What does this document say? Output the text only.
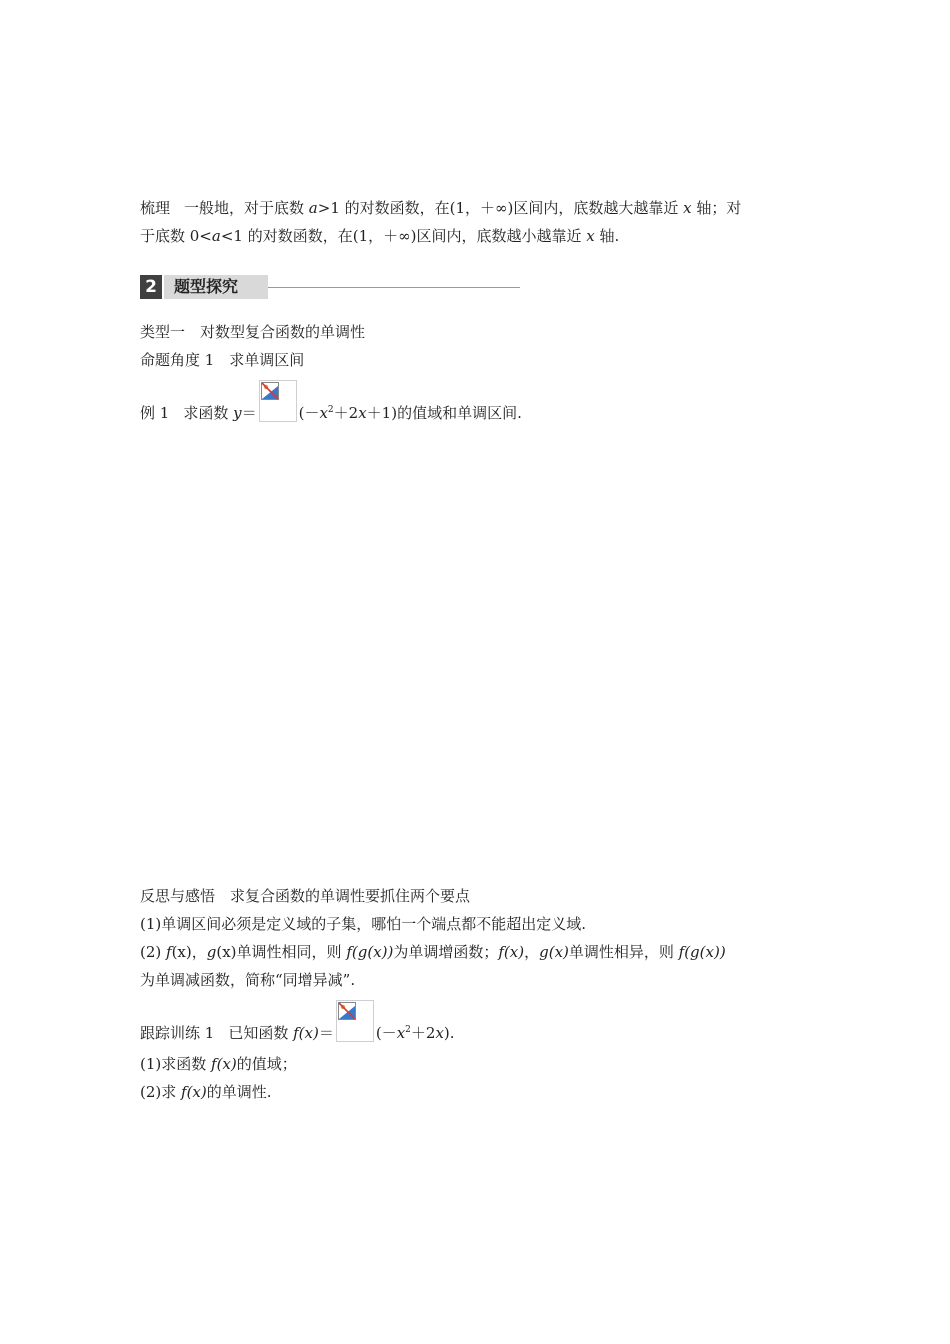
梳理 一般地，对于底数 a>1 的对数函数，在(1，＋∞)区间内，底数越大越靠近 x 轴；对
于底数 0<a<1 的对数函数，在(1，＋∞)区间内，底数越小越靠近 x 轴.
2	题型探究
类型一　对数型复合函数的单调性
命题角度 1　求单调区间
例 1 求函数 y＝	$(-x^2+2x+1)$的值域和单调区间.
反思与感悟　求复合函数的单调性要抓住两个要点
(1)单调区间必须是定义域的子集，哪怕一个端点都不能超出定义域.
(2) f(x)，g(x)单调性相同，则 f(g(x))为单调增函数；f(x)，g(x)单调性相异，则 f(g(x))
为单调减函数，简称“同增异减”.
跟踪训练 1 已知函数 f(x)＝	$(-x^2+2x)$.
(1)求函数 f(x)的值域；
(2)求 f(x)的单调性.
